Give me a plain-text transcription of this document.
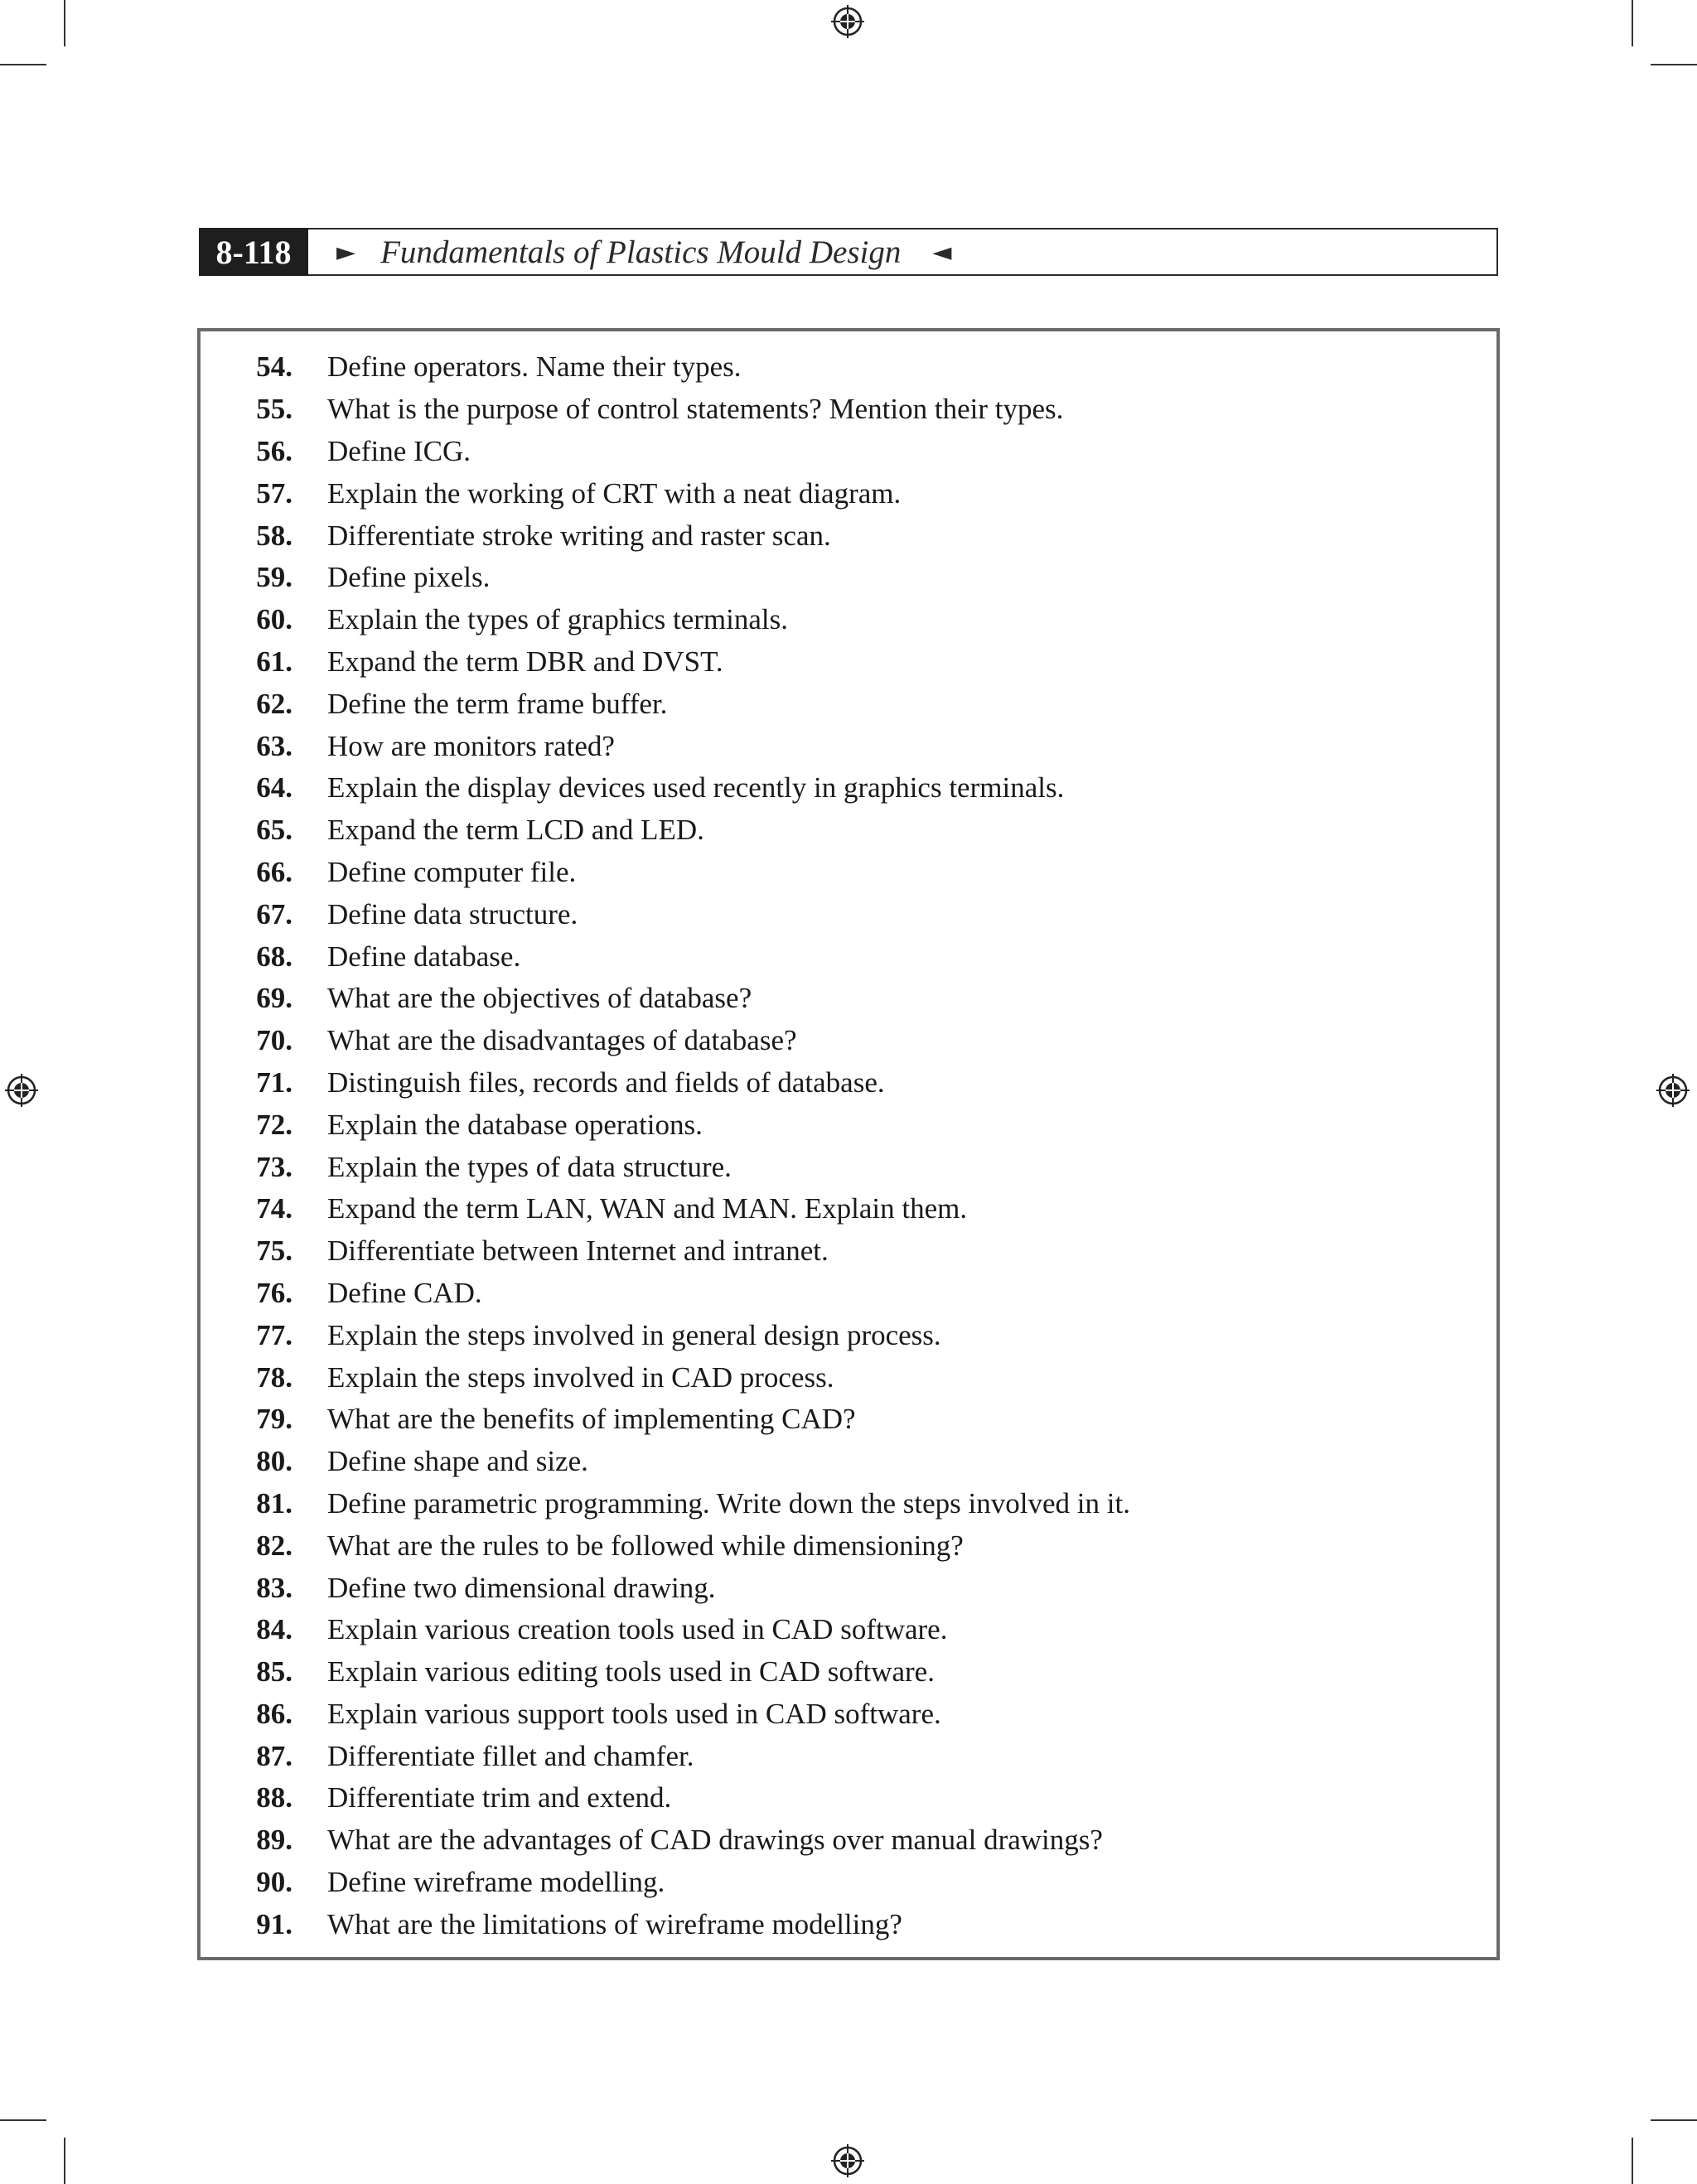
8-118	► Fundamentals of Plastics Mould Design ◄
54.	Define operators. Name their types.
55.	What is the purpose of control statements? Mention their types.
56.	Define ICG.
57.	Explain the working of CRT with a neat diagram.
58.	Differentiate stroke writing and raster scan.
59.	Define pixels.
60.	Explain the types of graphics terminals.
61.	Expand the term DBR and DVST.
62.	Define the term frame buffer.
63.	How are monitors rated?
64.	Explain the display devices used recently in graphics terminals.
65.	Expand the term LCD and LED.
66.	Define computer file.
67.	Define data structure.
68.	Define database.
69.	What are the objectives of database?
70.	What are the disadvantages of database?
71.	Distinguish files, records and fields of database.
72.	Explain the database operations.
73.	Explain the types of data structure.
74.	Expand the term LAN, WAN and MAN. Explain them.
75.	Differentiate between Internet and intranet.
76.	Define CAD.
77.	Explain the steps involved in general design process.
78.	Explain the steps involved in CAD process.
79.	What are the benefits of implementing CAD?
80.	Define shape and size.
81.	Define parametric programming. Write down the steps involved in it.
82.	What are the rules to be followed while dimensioning?
83.	Define two dimensional drawing.
84.	Explain various creation tools used in CAD software.
85.	Explain various editing tools used in CAD software.
86.	Explain various support tools used in CAD software.
87.	Differentiate fillet and chamfer.
88.	Differentiate trim and extend.
89.	What are the advantages of CAD drawings over manual drawings?
90.	Define wireframe modelling.
91.	What are the limitations of wireframe modelling?
